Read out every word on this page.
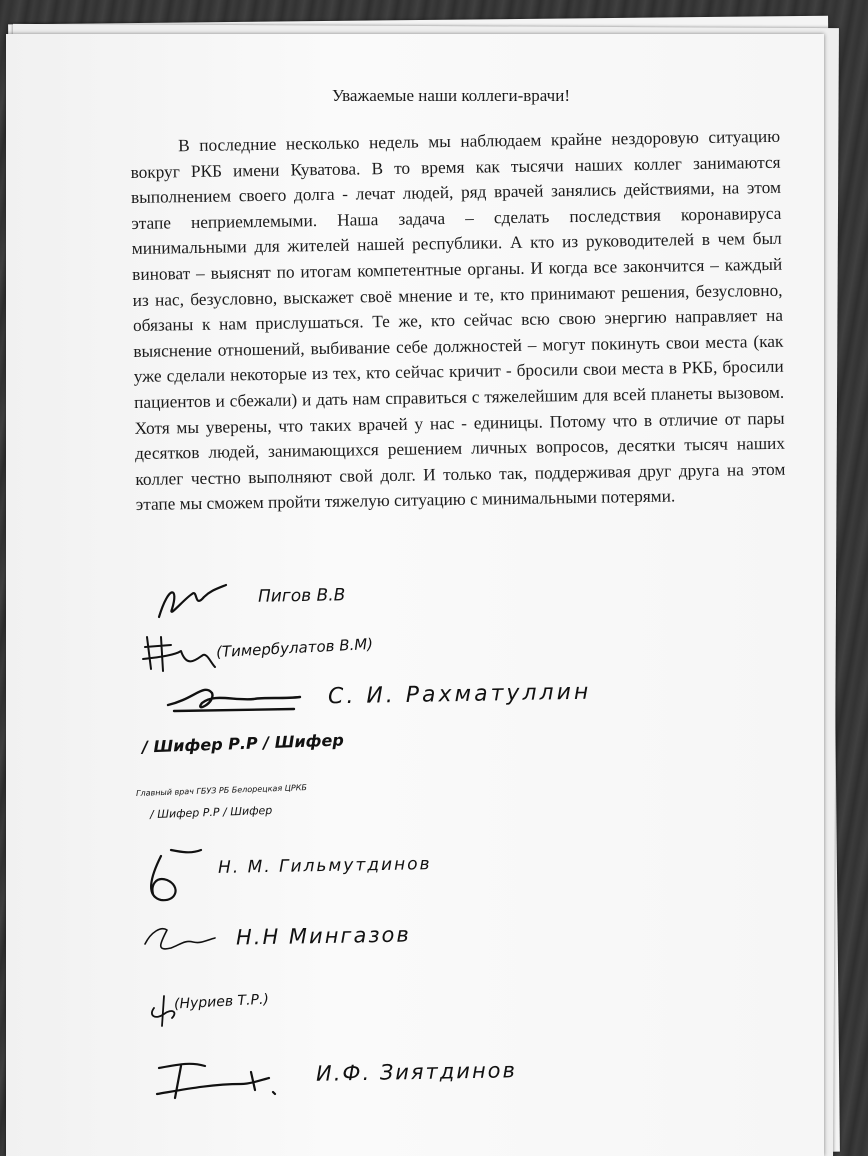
Уважаемые наши коллеги-врачи!

В последние несколько недель мы наблюдаем крайне нездоровую ситуацию вокруг РКБ имени Куватова. В то время как тысячи наших коллег занимаются выполнением своего долга - лечат людей, ряд врачей занялись действиями, на этом этапе неприемлемыми. Наша задача – сделать последствия коронавируса минимальными для жителей нашей республики. А кто из руководителей в чем был виноват – выяснят по итогам компетентные органы. И когда все закончится – каждый из нас, безусловно, выскажет своё мнение и те, кто принимают решения, безусловно, обязаны к нам прислушаться. Те же, кто сейчас всю свою энергию направляет на выяснение отношений, выбивание себе должностей – могут покинуть свои места (как уже сделали некоторые из тех, кто сейчас кричит - бросили свои места в РКБ, бросили пациентов и сбежали) и дать нам справиться с тяжелейшим для всей планеты вызовом. Хотя мы уверены, что таких врачей у нас - единицы. Потому что в отличие от пары десятков людей, занимающихся решением личных вопросов, десятки тысяч наших коллег честно выполняют свой долг. И только так, поддерживая друг друга на этом этапе мы сможем пройти тяжелую ситуацию с минимальными потерями.

Пигов В.В
(Тимербулатов В.М)
С. И. Рахматуллин
/ Шифер Р.Р / Шифер
Главный врач ГБУЗ РБ Белорецкая ЦРКБ
/ Шифер Р.Р / Шифер
Н. М. Гильмутдинов
Н.Н Мингазов
(Нуриев Т.Р.)
И.Ф. Зиятдинов
